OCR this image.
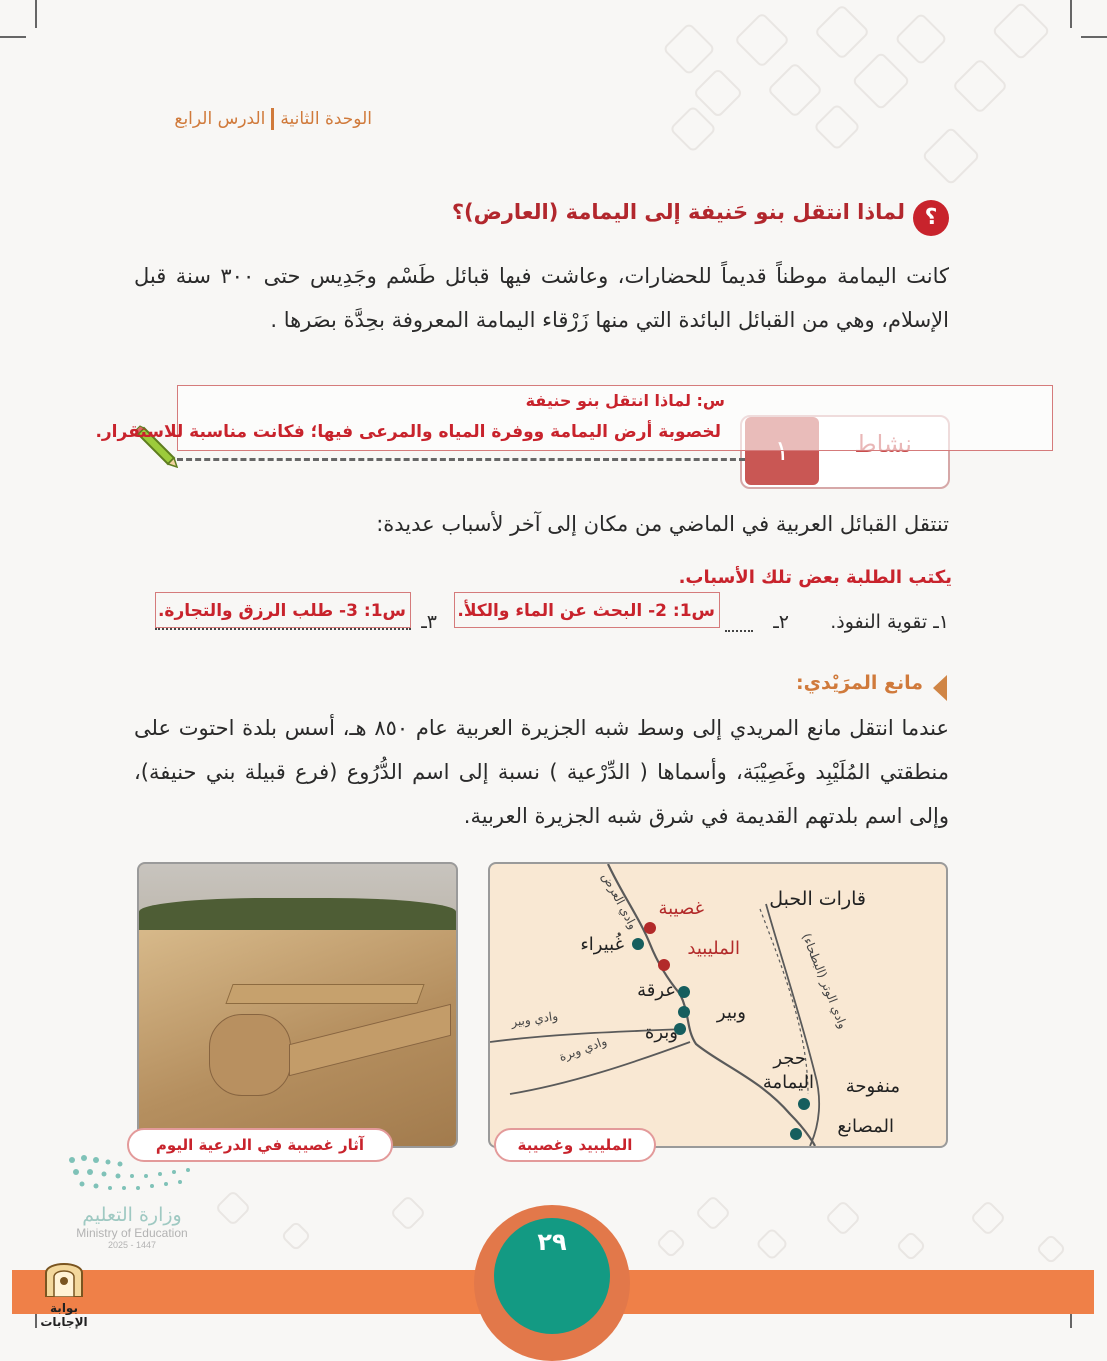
الوحدة الثانية
الدرس الرابع
؟
لماذا انتقل بنو حَنيفة إلى اليمامة (العارض)؟
كانت اليمامة موطناً قديماً للحضارات، وعاشت فيها قبائل طَسْم وجَدِيس حتى ٣٠٠ سنة قبل الإسلام، وهي من القبائل البائدة التي منها زَرْقاء اليمامة المعروفة بحِدَّة بصَرها .
س: لماذا انتقل بنو حنيفة
لخصوبة أرض اليمامة ووفرة المياه والمرعى فيها؛ فكانت مناسبة للاستقرار.
تنتقل القبائل العربية في الماضي من مكان إلى آخر لأسباب عديدة:
يكتب الطلبة بعض تلك الأسباب.
١ـ تقوية النفوذ.
٢ـ
س1: 2- البحث عن الماء والكلأ.
٣ـ
س1: 3- طلب الرزق والتجارة.
مانع المرَيْدي:
عندما انتقل مانع المريدي إلى وسط شبه الجزيرة العربية عام ٨٥٠ هـ، أسس بلدة احتوت على منطقتي المُلَيْبِد وغَصِيْبَة، وأسماها ( الدِّرْعية ) نسبة إلى اسم الدُّرُوع (فرع قبيلة بني حنيفة)، وإلى اسم بلدتهم القديمة في شرق شبه الجزيرة العربية.
قارات الحبل
غصيبة
المليبيد
غُبيراء
عرقة
وبير
وبرة
حجر
اليمامة منفوحة
المصانع
وادي العرض
وادي وبير
وادي وبرة
وادي الوتر (البطحاء)
المليبيد وغصيبة
آثار غصيبة في الدرعية اليوم
وزارة التعليم
Ministry of Education
2025 - 1447	٢٩
بوابة الإجابات
